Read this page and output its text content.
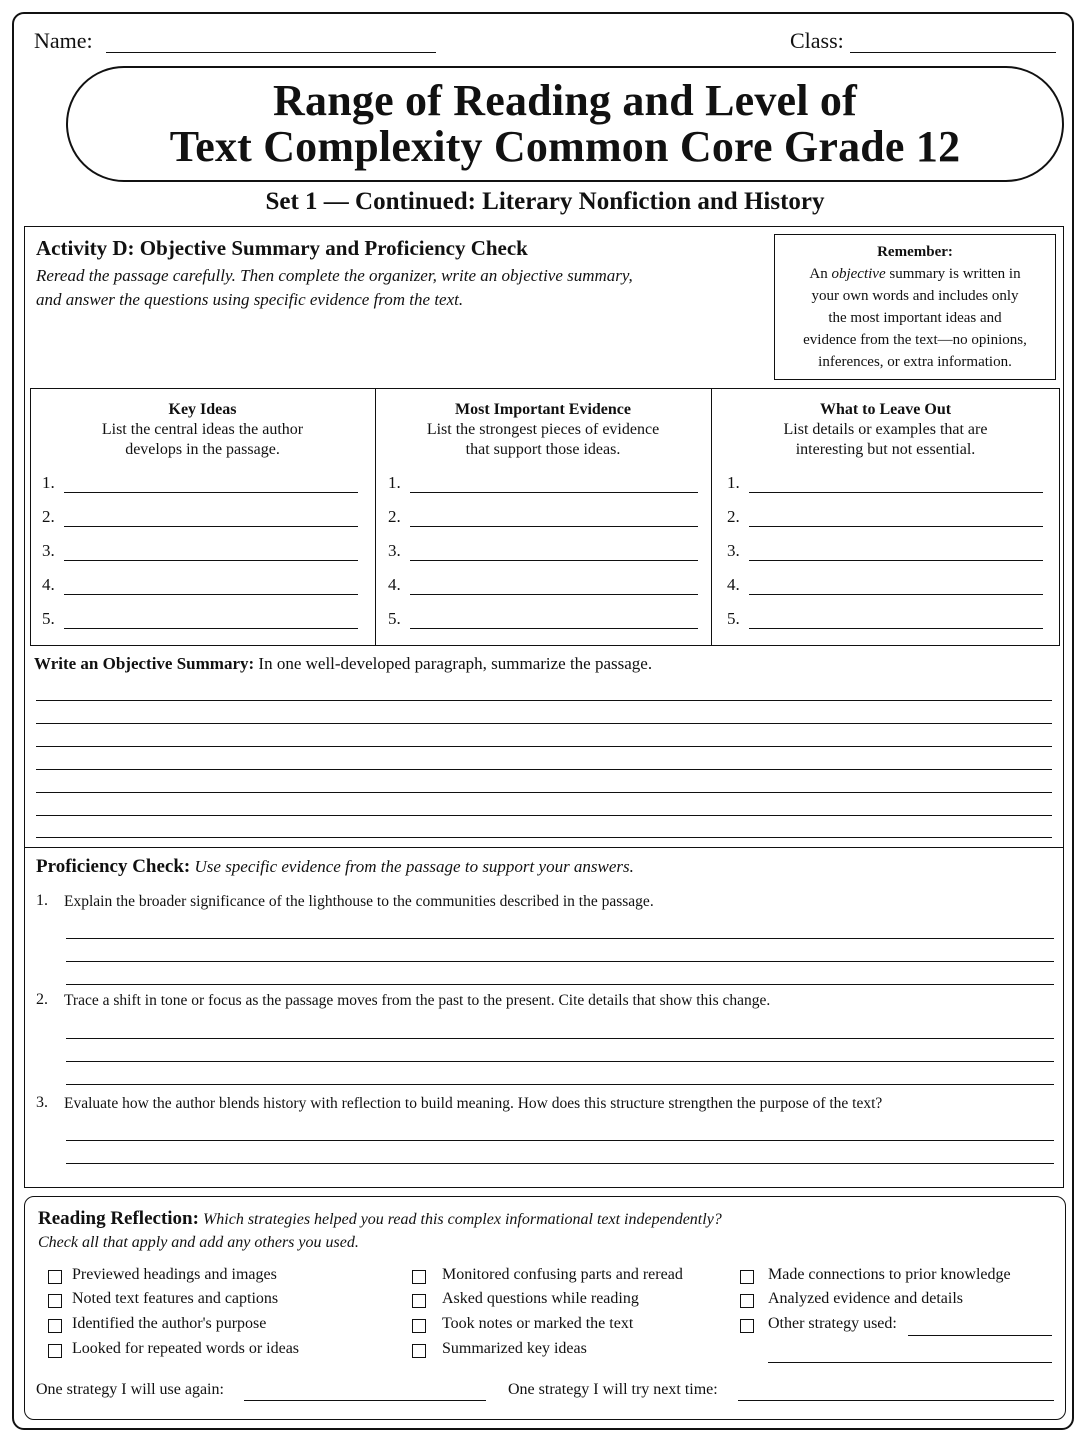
Name:	Class:
Range of Reading and Level of
Text Complexity Common Core Grade 12
Set 1 — Continued: Literary Nonfiction and History
Activity D: Objective Summary and Proficiency Check
Reread the passage carefully. Then complete the organizer, write an objective summary,
and answer the questions using specific evidence from the text.
Remember:
An objective summary is written in
your own words and includes only
the most important ideas and
evidence from the text—no opinions,
inferences, or extra information.
Key Ideas
List the central ideas the author
develops in the passage.
Most Important Evidence
List the strongest pieces of evidence
that support those ideas.
What to Leave Out
List details or examples that are
interesting but not essential.
1.
2.
3.
4.
5.
1.
2.
3.
4.
5.
1.
2.
3.
4.
5.
Write an Objective Summary: In one well-developed paragraph, summarize the passage.
Proficiency Check: Use specific evidence from the passage to support your answers.
1. Explain the broader significance of the lighthouse to the communities described in the passage.
2. Trace a shift in tone or focus as the passage moves from the past to the present. Cite details that show this change.
3. Evaluate how the author blends history with reflection to build meaning. How does this structure strengthen the purpose of the text?
Reading Reflection: Which strategies helped you read this complex informational text independently?
Check all that apply and add any others you used.
Previewed headings and images
Noted text features and captions
Identified the author's purpose
Looked for repeated words or ideas
Monitored confusing parts and reread
Asked questions while reading
Took notes or marked the text
Summarized key ideas
Made connections to prior knowledge
Analyzed evidence and details
Other strategy used:
One strategy I will use again:	One strategy I will try next time:
